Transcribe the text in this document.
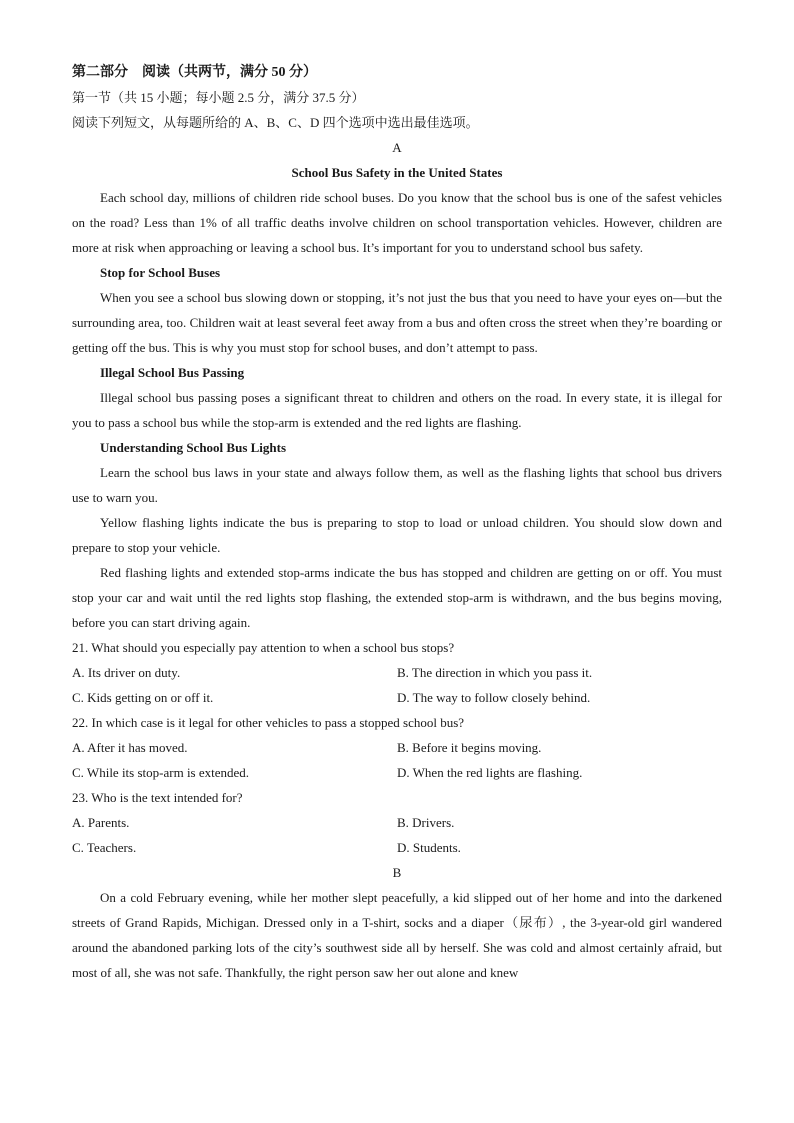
第二部分　阅读（共两节，满分 50 分）
第一节（共 15 小题；每小题 2.5 分，满分 37.5 分）
阅读下列短文，从每题所给的 A、B、C、D 四个选项中选出最佳选项。
A
School Bus Safety in the United States
Each school day, millions of children ride school buses. Do you know that the school bus is one of the safest vehicles on the road? Less than 1% of all traffic deaths involve children on school transportation vehicles. However, children are more at risk when approaching or leaving a school bus. It’s important for you to understand school bus safety.
Stop for School Buses
When you see a school bus slowing down or stopping, it’s not just the bus that you need to have your eyes on—but the surrounding area, too. Children wait at least several feet away from a bus and often cross the street when they’re boarding or getting off the bus. This is why you must stop for school buses, and don’t attempt to pass.
Illegal School Bus Passing
Illegal school bus passing poses a significant threat to children and others on the road. In every state, it is illegal for you to pass a school bus while the stop-arm is extended and the red lights are flashing.
Understanding School Bus Lights
Learn the school bus laws in your state and always follow them, as well as the flashing lights that school bus drivers use to warn you.
Yellow flashing lights indicate the bus is preparing to stop to load or unload children. You should slow down and prepare to stop your vehicle.
Red flashing lights and extended stop-arms indicate the bus has stopped and children are getting on or off. You must stop your car and wait until the red lights stop flashing, the extended stop-arm is withdrawn, and the bus begins moving, before you can start driving again.
21. What should you especially pay attention to when a school bus stops?
A. Its driver on duty.	B. The direction in which you pass it.
C. Kids getting on or off it.	D. The way to follow closely behind.
22. In which case is it legal for other vehicles to pass a stopped school bus?
A. After it has moved.	B. Before it begins moving.
C. While its stop-arm is extended.	D. When the red lights are flashing.
23. Who is the text intended for?
A. Parents.	B. Drivers.
C. Teachers.	D. Students.
B
On a cold February evening, while her mother slept peacefully, a kid slipped out of her home and into the darkened streets of Grand Rapids, Michigan. Dressed only in a T-shirt, socks and a diaper（尿布）, the 3-year-old girl wandered around the abandoned parking lots of the city’s southwest side all by herself. She was cold and almost certainly afraid, but most of all, she was not safe. Thankfully, the right person saw her out alone and knew
